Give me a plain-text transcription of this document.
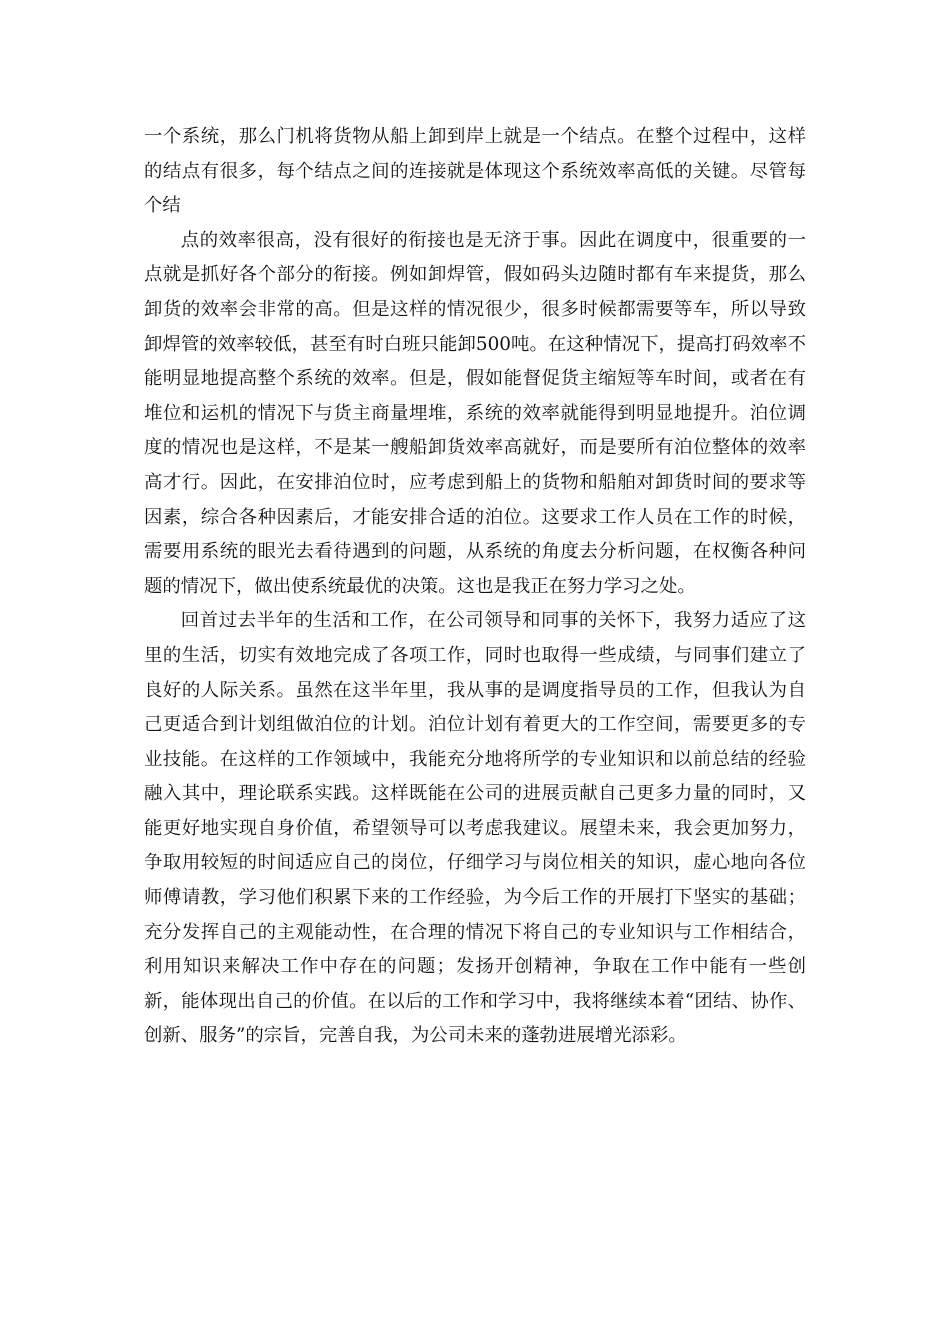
一个系统，那么门机将货物从船上卸到岸上就是一个结点。在整个过程中，这样的结点有很多，每个结点之间的连接就是体现这个系统效率高低的关键。尽管每个结

点的效率很高，没有很好的衔接也是无济于事。因此在调度中，很重要的一点就是抓好各个部分的衔接。例如卸焊管，假如码头边随时都有车来提货，那么卸货的效率会非常的高。但是这样的情况很少，很多时候都需要等车，所以导致卸焊管的效率较低，甚至有时白班只能卸500吨。在这种情况下，提高打码效率不能明显地提高整个系统的效率。但是，假如能督促货主缩短等车时间，或者在有堆位和运机的情况下与货主商量埋堆，系统的效率就能得到明显地提升。泊位调度的情况也是这样，不是某一艘船卸货效率高就好，而是要所有泊位整体的效率高才行。因此，在安排泊位时，应考虑到船上的货物和船舶对卸货时间的要求等因素，综合各种因素后，才能安排合适的泊位。这要求工作人员在工作的时候，需要用系统的眼光去看待遇到的问题，从系统的角度去分析问题，在权衡各种问题的情况下，做出使系统最优的决策。这也是我正在努力学习之处。

回首过去半年的生活和工作，在公司领导和同事的关怀下，我努力适应了这里的生活，切实有效地完成了各项工作，同时也取得一些成绩，与同事们建立了良好的人际关系。虽然在这半年里，我从事的是调度指导员的工作，但我认为自己更适合到计划组做泊位的计划。泊位计划有着更大的工作空间，需要更多的专业技能。在这样的工作领域中，我能充分地将所学的专业知识和以前总结的经验融入其中，理论联系实践。这样既能在公司的进展贡献自己更多力量的同时，又能更好地实现自身价值，希望领导可以考虑我建议。展望未来，我会更加努力，争取用较短的时间适应自己的岗位，仔细学习与岗位相关的知识，虚心地向各位师傅请教，学习他们积累下来的工作经验，为今后工作的开展打下坚实的基础；充分发挥自己的主观能动性，在合理的情况下将自己的专业知识与工作相结合，利用知识来解决工作中存在的问题；发扬开创精神，争取在工作中能有一些创新，能体现出自己的价值。在以后的工作和学习中，我将继续本着“团结、协作、创新、服务”的宗旨，完善自我，为公司未来的蓬勃进展增光添彩。
